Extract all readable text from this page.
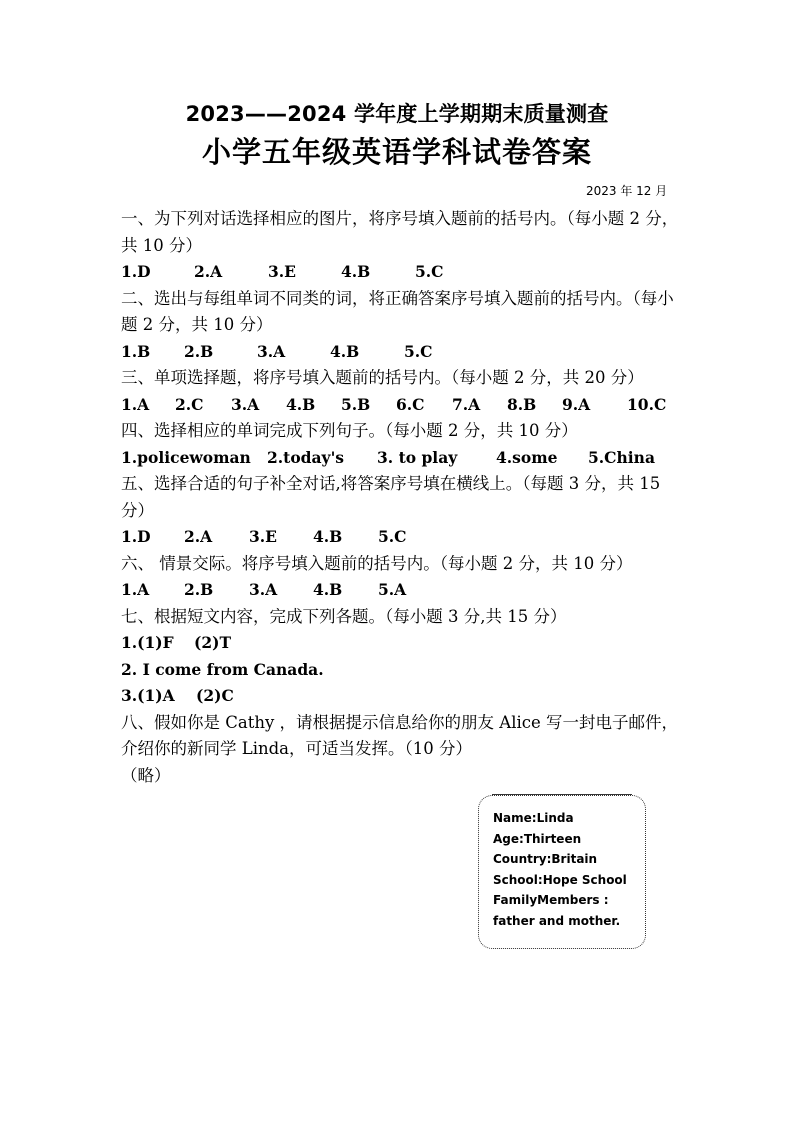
2023——2024 学年度上学期期末质量测查
小学五年级英语学科试卷答案
2023 年 12 月

一、为下列对话选择相应的图片，将序号填入题前的括号内。（每小题 2 分，共 10 分）

1.D	2.A	3.E	4.B	5.C

二、选出与每组单词不同类的词，将正确答案序号填入题前的括号内。（每小题 2 分，共 10 分）

1.B 2.B	3.A	4.B	5.C

三、单项选择题，将序号填入题前的括号内。（每小题 2 分，共 20 分）

1.A 2.C 3.A 4.B 5.B 6.C 7.A 8.B 9.A 10.C

四、选择相应的单词完成下列句子。（每小题 2 分，共 10 分）

1.policewoman 2.today's 3. to play	4.some 5.China

五、选择合适的句子补全对话,将答案序号填在横线上。（每题 3 分，共 15 分）

1.D 2.A 3.E 4.B 5.C

六、 情景交际。将序号填入题前的括号内。（每小题 2 分，共 10 分）

1.A 2.B 3.A 4.B 5.A

七、根据短文内容，完成下列各题。（每小题 3 分,共 15 分）

1.(1)F (2)T

2. I come from Canada.

3.(1)A (2)C

八、假如你是 Cathy ，请根据提示信息给你的朋友 Alice 写一封电子邮件，介绍你的新同学 Linda，可适当发挥。（10 分）

（略）

Name:Linda
Age:Thirteen
Country:Britain
School:Hope School
FamilyMembers :
father and mother.
